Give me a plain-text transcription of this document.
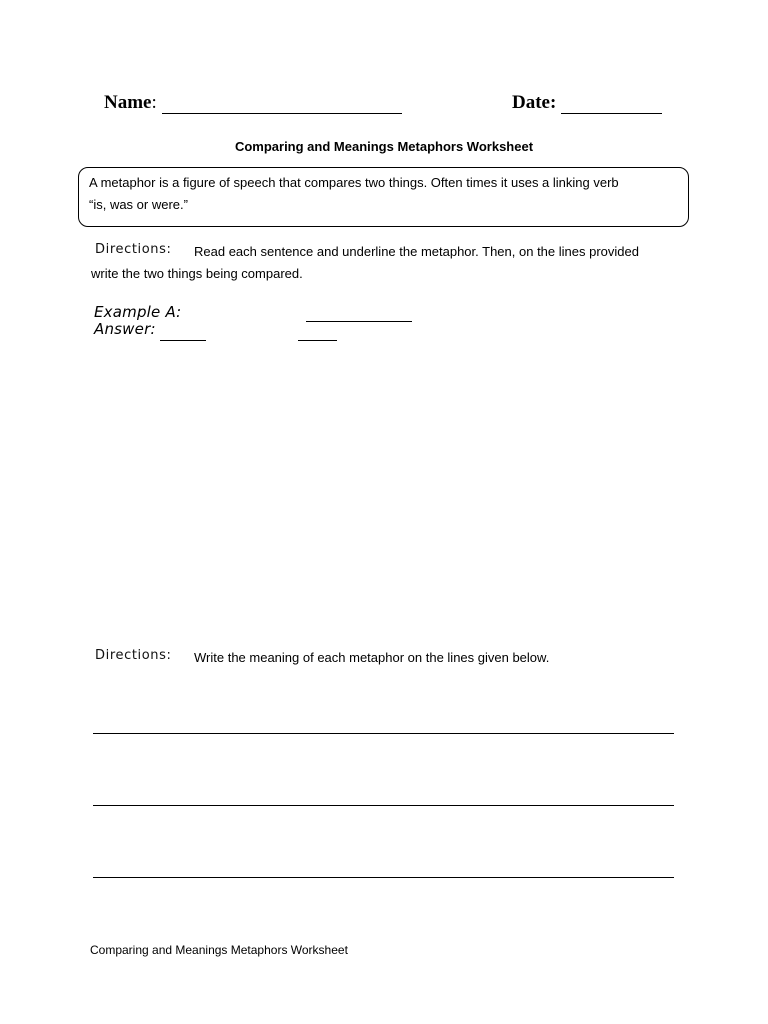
Name:	Date:
Comparing and Meanings Metaphors Worksheet
A metaphor is a figure of speech that compares two things. Often times it uses a linking verb
“is, was or were.”
Directions: Read each sentence and underline the metaphor. Then, on the lines provided
write the two things being compared.
Example A:
Answer:
Directions: Write the meaning of each metaphor on the lines given below.
Comparing and Meanings Metaphors Worksheet
